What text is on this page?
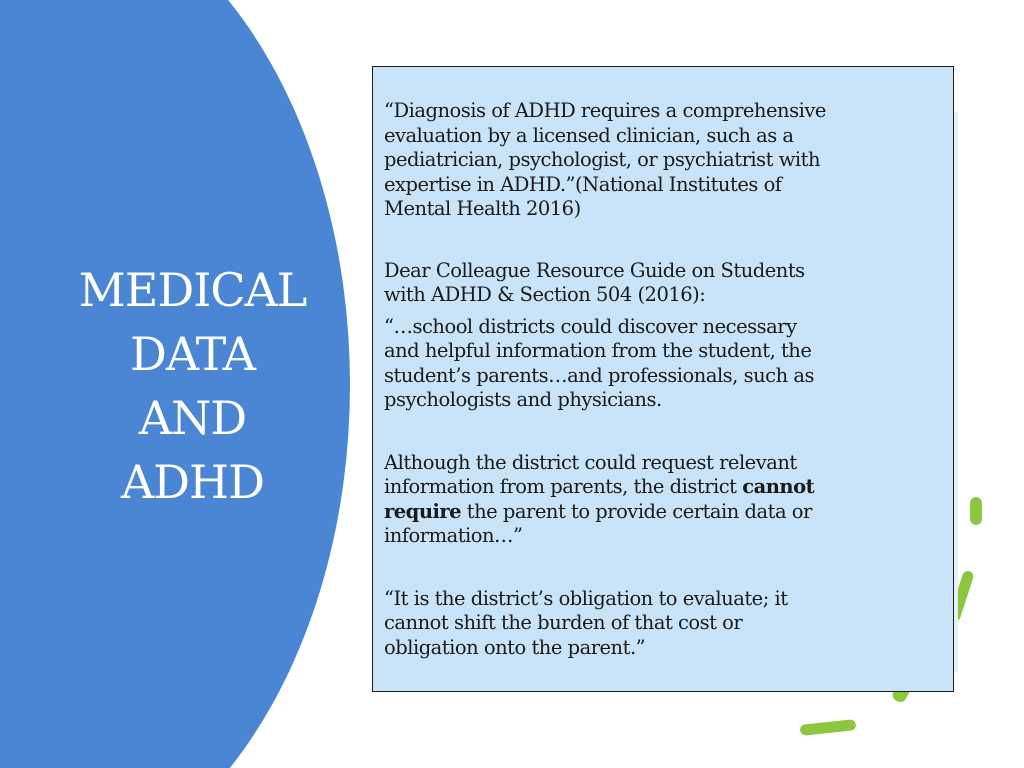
MEDICAL
DATA
AND
ADHD

“Diagnosis of ADHD requires a comprehensive

evaluation by a licensed clinician, such as a

pediatrician, psychologist, or psychiatrist with

expertise in ADHD.”(National Institutes of

Mental Health 2016)

Dear Colleague Resource Guide on Students

with ADHD & Section 504 (2016):

“…school districts could discover necessary

and helpful information from the student, the

student’s parents…and professionals, such as

psychologists and physicians.

Although the district could request relevant

information from parents, the district cannot

require the parent to provide certain data or

information…”

“It is the district’s obligation to evaluate; it

cannot shift the burden of that cost or

obligation onto the parent.”
